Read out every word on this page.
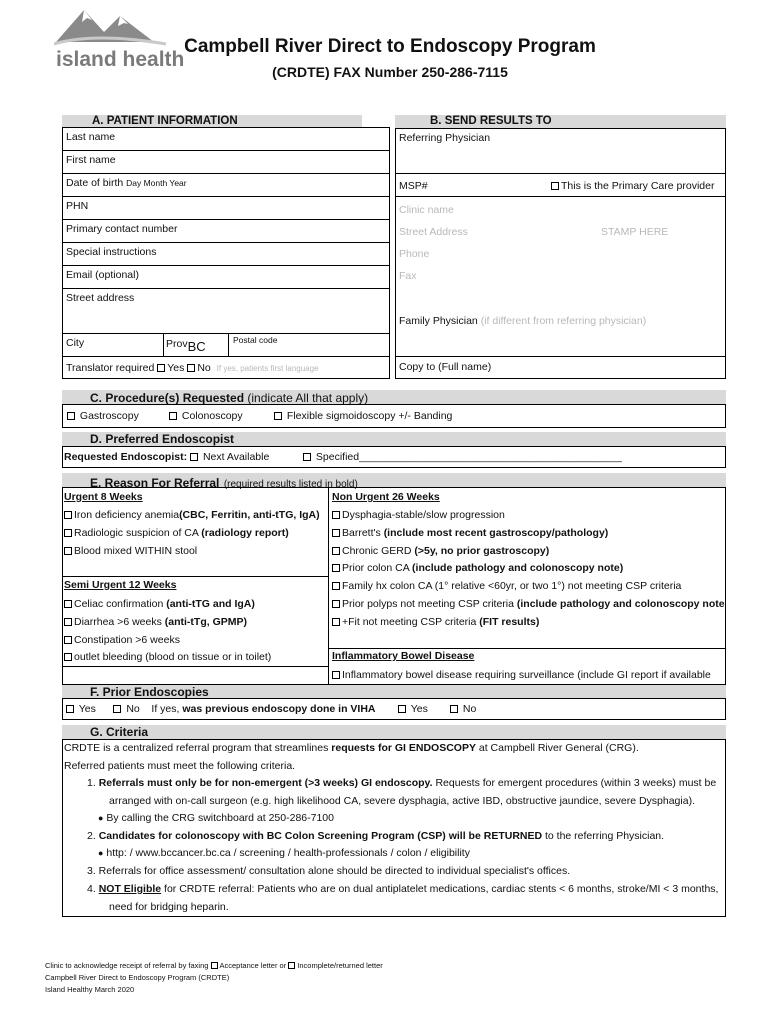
island health
Campbell River Direct to Endoscopy Program
(CRDTE) FAX Number 250-286-7115
A. PATIENT INFORMATION
Last name
First name
Date of birth Day Month Year
PHN
Primary contact number
Special instructions
Email (optional)
Street address
City	ProvBC	Postal code
Translator required Yes No If yes, patients first language
B. SEND RESULTS TO
Referring Physician
MSP#	This is the Primary Care provider
Clinic name
Street Address	STAMP HERE
Phone
Fax
Family Physician (if different from referring physician)
Copy to (Full name)
C. Procedure(s) Requested (indicate All that apply)
Gastroscopy	Colonoscopy	Flexible sigmoidoscopy +/- Banding
D. Preferred Endoscopist
Requested Endoscopist: Next Available	Specified_____________________________________________
E. Reason For Referral (required results listed in bold)
Urgent 8 Weeks
Iron deficiency anemia(CBC, Ferritin, anti-tTG, IgA)
Radiologic suspicion of CA (radiology report)
Blood mixed WITHIN stool
Semi Urgent 12 Weeks
Celiac confirmation (anti-tTG and IgA)
Diarrhea >6 weeks (anti-tTg, GPMP)
Constipation >6 weeks
outlet bleeding (blood on tissue or in toilet)
Non Urgent 26 Weeks
Dysphagia-stable/slow progression
Barrett's (include most recent gastroscopy/pathology)
Chronic GERD (>5y, no prior gastroscopy)
Prior colon CA (include pathology and colonoscopy note)
Family hx colon CA (1° relative <60yr, or two 1°) not meeting CSP criteria
Prior polyps not meeting CSP criteria (include pathology and colonoscopy note
+Fit not meeting CSP criteria (FIT results)
Inflammatory Bowel Disease
Inflammatory bowel disease requiring surveillance (include GI report if available
F. Prior Endoscopies
Yes	No If yes, was previous endoscopy done in VIHA	Yes	No
G. Criteria
CRDTE is a centralized referral program that streamlines requests for GI ENDOSCOPY at Campbell River General (CRG).
Referred patients must meet the following criteria.
1. Referrals must only be for non-emergent (>3 weeks) GI endoscopy. Requests for emergent procedures (within 3 weeks) must be
arranged with on-call surgeon (e.g. high likelihood CA, severe dysphagia, active IBD, obstructive jaundice, severe Dysphagia).
● By calling the CRG switchboard at 250-286-7100
2. Candidates for colonoscopy with BC Colon Screening Program (CSP) will be RETURNED to the referring Physician.
● http: / www.bccancer.bc.ca / screening / health-professionals / colon / eligibility
3. Referrals for office assessment/ consultation alone should be directed to individual specialist's offices.
4. NOT Eligible for CRDTE referral: Patients who are on dual antiplatelet medications, cardiac stents < 6 months, stroke/MI < 3 months,
need for bridging heparin.
Clinic to acknowledge receipt of referral by faxing Acceptance letter or Incomplete/returned letter
Campbell River Direct to Endoscopy Program (CRDTE)
Island Healthy March 2020
